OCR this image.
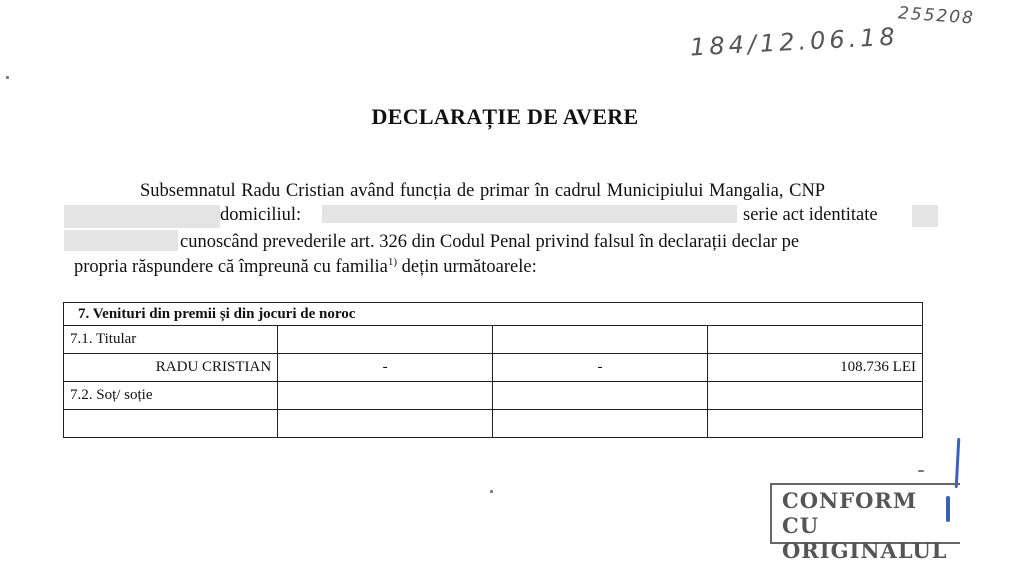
255208
184/12.06.18
DECLARAȚIE DE AVERE
Subsemnatul Radu Cristian având funcția de primar în cadrul Municipiului Mangalia, CNP
domiciliul:	serie act identitate
cunoscând prevederile art. 326 din Codul Penal privind falsul în declarații declar pe
propria răspundere că împreună cu familia$^{1)}$ dețin următoarele:
7. Venituri din premii și din jocuri de noroc			
7.1. Titular			
RADU CRISTIAN	-	-	108.736 LEI
7.2. Soț/ soție			

CONFORM CU
ORIGINALUL
